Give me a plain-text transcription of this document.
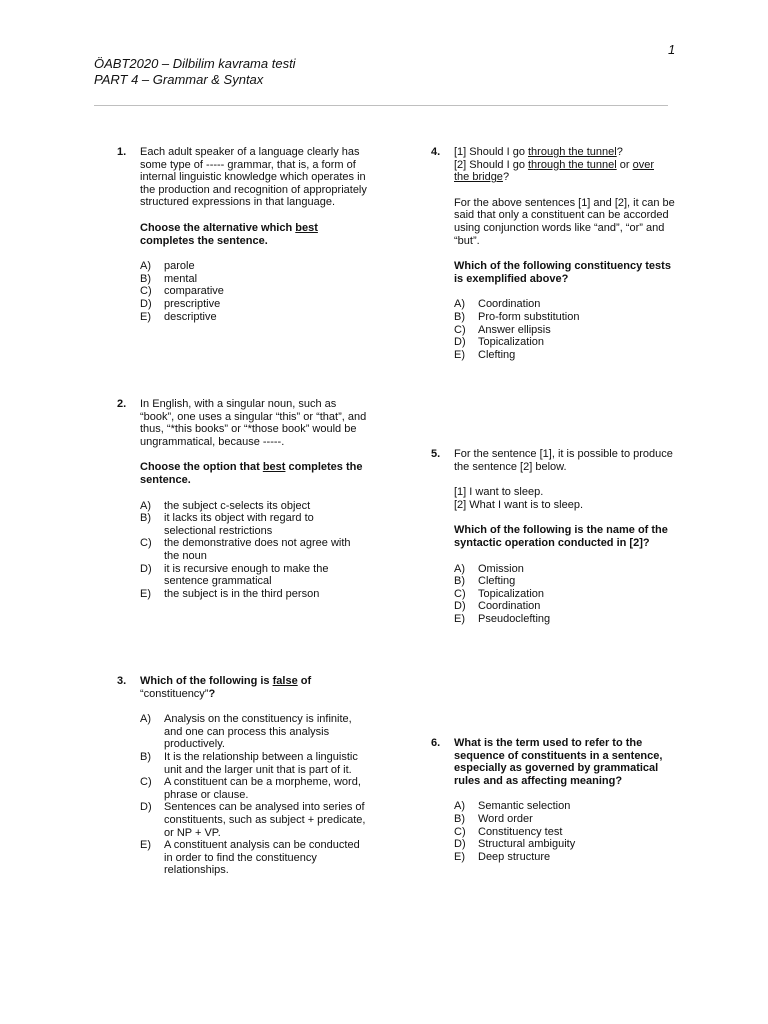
1
ÖABT2020 – Dilbilim kavrama testi
PART 4 – Grammar & Syntax
1. Each adult speaker of a language clearly has some type of ----- grammar, that is, a form of internal linguistic knowledge which operates in the production and recognition of appropriately structured expressions in that language.

Choose the alternative which best completes the sentence.

A)	parole
B)	mental
C)	comparative
D)	prescriptive
E)	descriptive
2. In English, with a singular noun, such as “book”, one uses a singular “this” or “that”, and thus, “*this books” or “*those book” would be ungrammatical, because -----.

Choose the option that best completes the sentence.

A)	the subject c-selects its object
B)	it lacks its object with regard to selectional restrictions
C)	the demonstrative does not agree with the noun
D)	it is recursive enough to make the sentence grammatical
E)	the subject is in the third person
3. Which of the following is false of
“constituency”?

A)	Analysis on the constituency is infinite, and one can process this analysis productively.
B)	It is the relationship between a linguistic unit and the larger unit that is part of it.
C)	A constituent can be a morpheme, word, phrase or clause.
D)	Sentences can be analysed into series of constituents, such as subject + predicate, or NP + VP.
E)	A constituent analysis can be conducted in order to find the constituency relationships.
4. [1] Should I go through the tunnel?
[2] Should I go through the tunnel or over
the bridge?

For the above sentences [1] and [2], it can be said that only a constituent can be accorded using conjunction words like “and”, “or” and “but”.

Which of the following constituency tests is exemplified above?

A)	Coordination
B)	Pro-form substitution
C)	Answer ellipsis
D)	Topicalization
E)	Clefting
5. For the sentence [1], it is possible to produce the sentence [2] below.

[1] I want to sleep.

[2] What I want is to sleep.

Which of the following is the name of the syntactic operation conducted in [2]?

A)	Omission
B)	Clefting
C)	Topicalization
D)	Coordination
E)	Pseudoclefting
6. What is the term used to refer to the sequence of constituents in a sentence, especially as governed by grammatical rules and as affecting meaning?

A)	Semantic selection
B)	Word order
C)	Constituency test
D)	Structural ambiguity
E)	Deep structure
